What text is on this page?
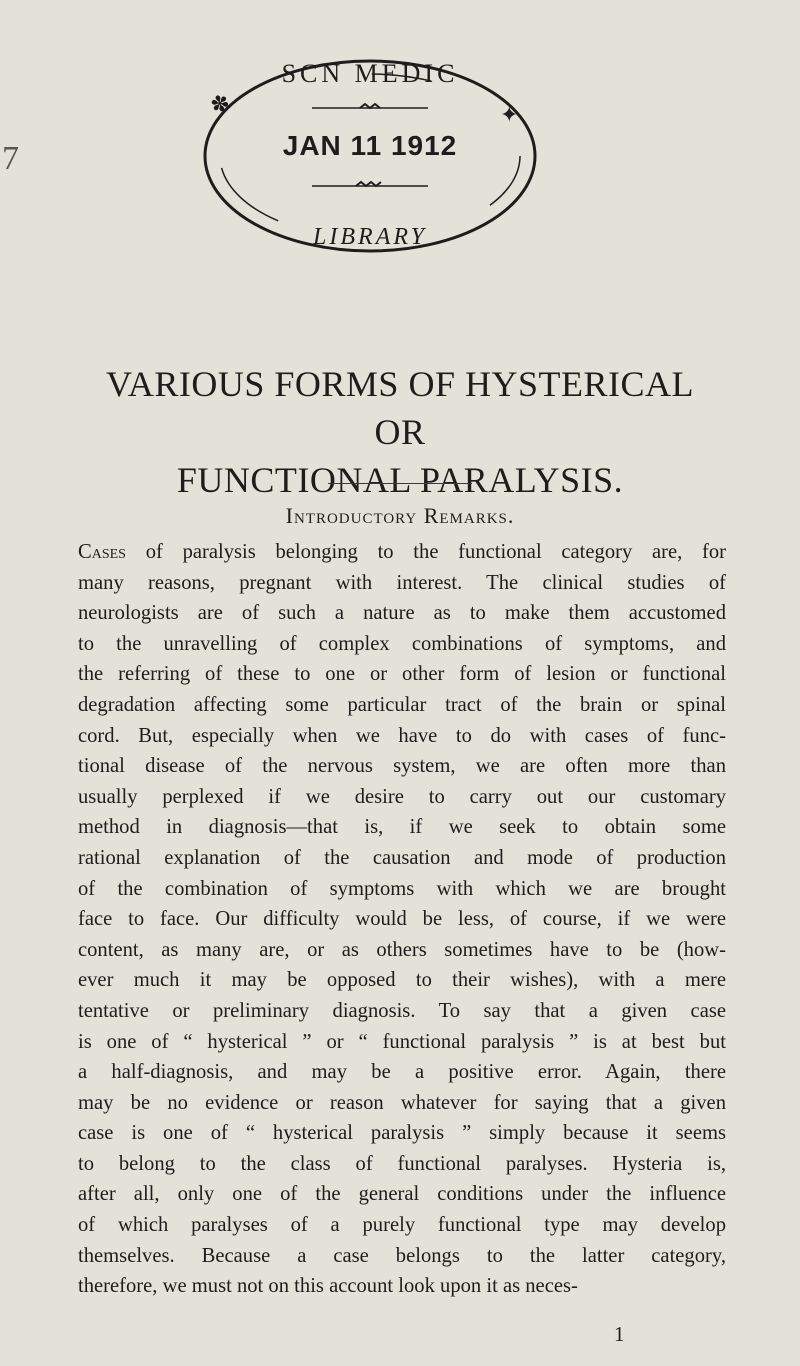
7
✽	✦
SCN MEDIC
LIBRARY
JAN 11 1912
VARIOUS FORMS OF HYSTERICAL OR
FUNCTIONAL PARALYSIS.
Introductory Remarks.
Cases of paralysis belonging to the functional category are, for
many reasons, pregnant with interest. The clinical studies of
neurologists are of such a nature as to make them accustomed
to the unravelling of complex combinations of symptoms, and
the referring of these to one or other form of lesion or functional
degradation affecting some particular tract of the brain or spinal
cord. But, especially when we have to do with cases of func-
tional disease of the nervous system, we are often more than
usually perplexed if we desire to carry out our customary
method in diagnosis—that is, if we seek to obtain some
rational explanation of the causation and mode of production
of the combination of symptoms with which we are brought
face to face. Our difficulty would be less, of course, if we were
content, as many are, or as others sometimes have to be (how-
ever much it may be opposed to their wishes), with a mere
tentative or preliminary diagnosis. To say that a given case
is one of “ hysterical ” or “ functional paralysis ” is at best but
a half-diagnosis, and may be a positive error. Again, there
may be no evidence or reason whatever for saying that a given
case is one of “ hysterical paralysis ” simply because it seems
to belong to the class of functional paralyses. Hysteria is,
after all, only one of the general conditions under the influence
of which paralyses of a purely functional type may develop
themselves. Because a case belongs to the latter category,
therefore, we must not on this account look upon it as neces-
1
